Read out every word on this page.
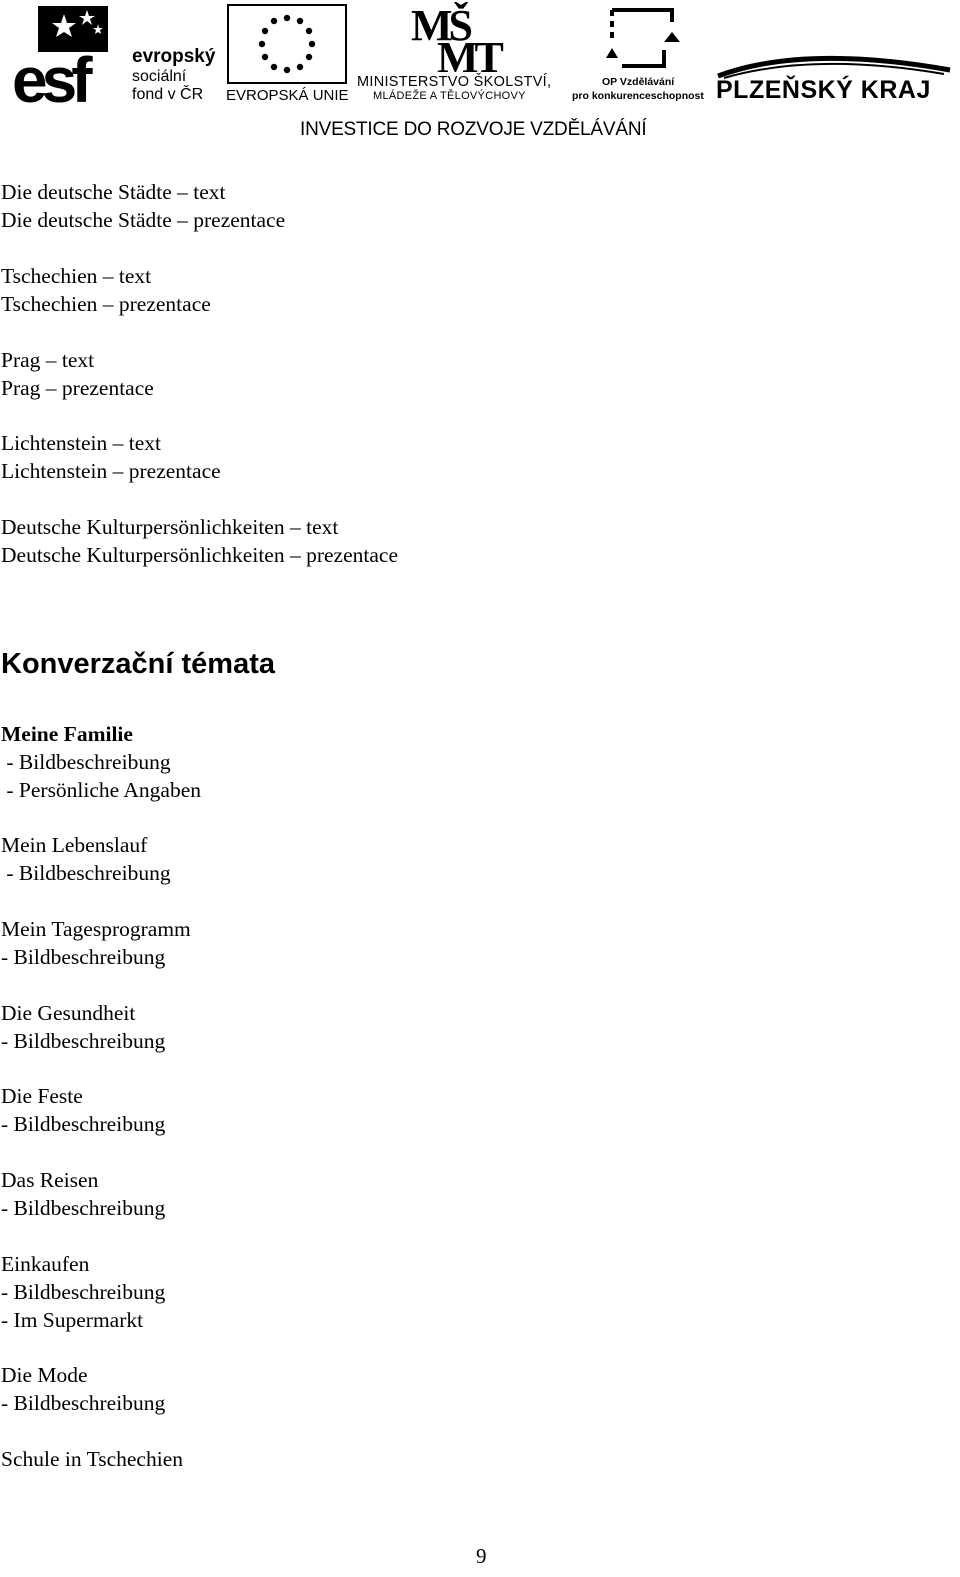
esf	evropský
sociální
fond v ČR EVROPSKÁ UNIE
MŠ
MT
MINISTERSTVO ŠKOLSTVÍ,
MLÁDEŽE A TĚLOVÝCHOVY
OP Vzdělávání
pro konkurenceschopnost PLZEŇSKÝ KRAJ
INVESTICE DO ROZVOJE VZDĚLÁVÁNÍ
Die deutsche Städte – text
Die deutsche Städte – prezentace
Tschechien – text
Tschechien – prezentace
Prag – text
Prag – prezentace
Lichtenstein – text
Lichtenstein – prezentace
Deutsche Kulturpersönlichkeiten – text
Deutsche Kulturpersönlichkeiten – prezentace
Konverzační témata
Meine Familie
- Bildbeschreibung
- Persönliche Angaben
Mein Lebenslauf
- Bildbeschreibung
Mein Tagesprogramm
- Bildbeschreibung
Die Gesundheit
- Bildbeschreibung
Die Feste
- Bildbeschreibung
Das Reisen
- Bildbeschreibung
Einkaufen
- Bildbeschreibung
- Im Supermarkt
Die Mode
- Bildbeschreibung
Schule in Tschechien
9
